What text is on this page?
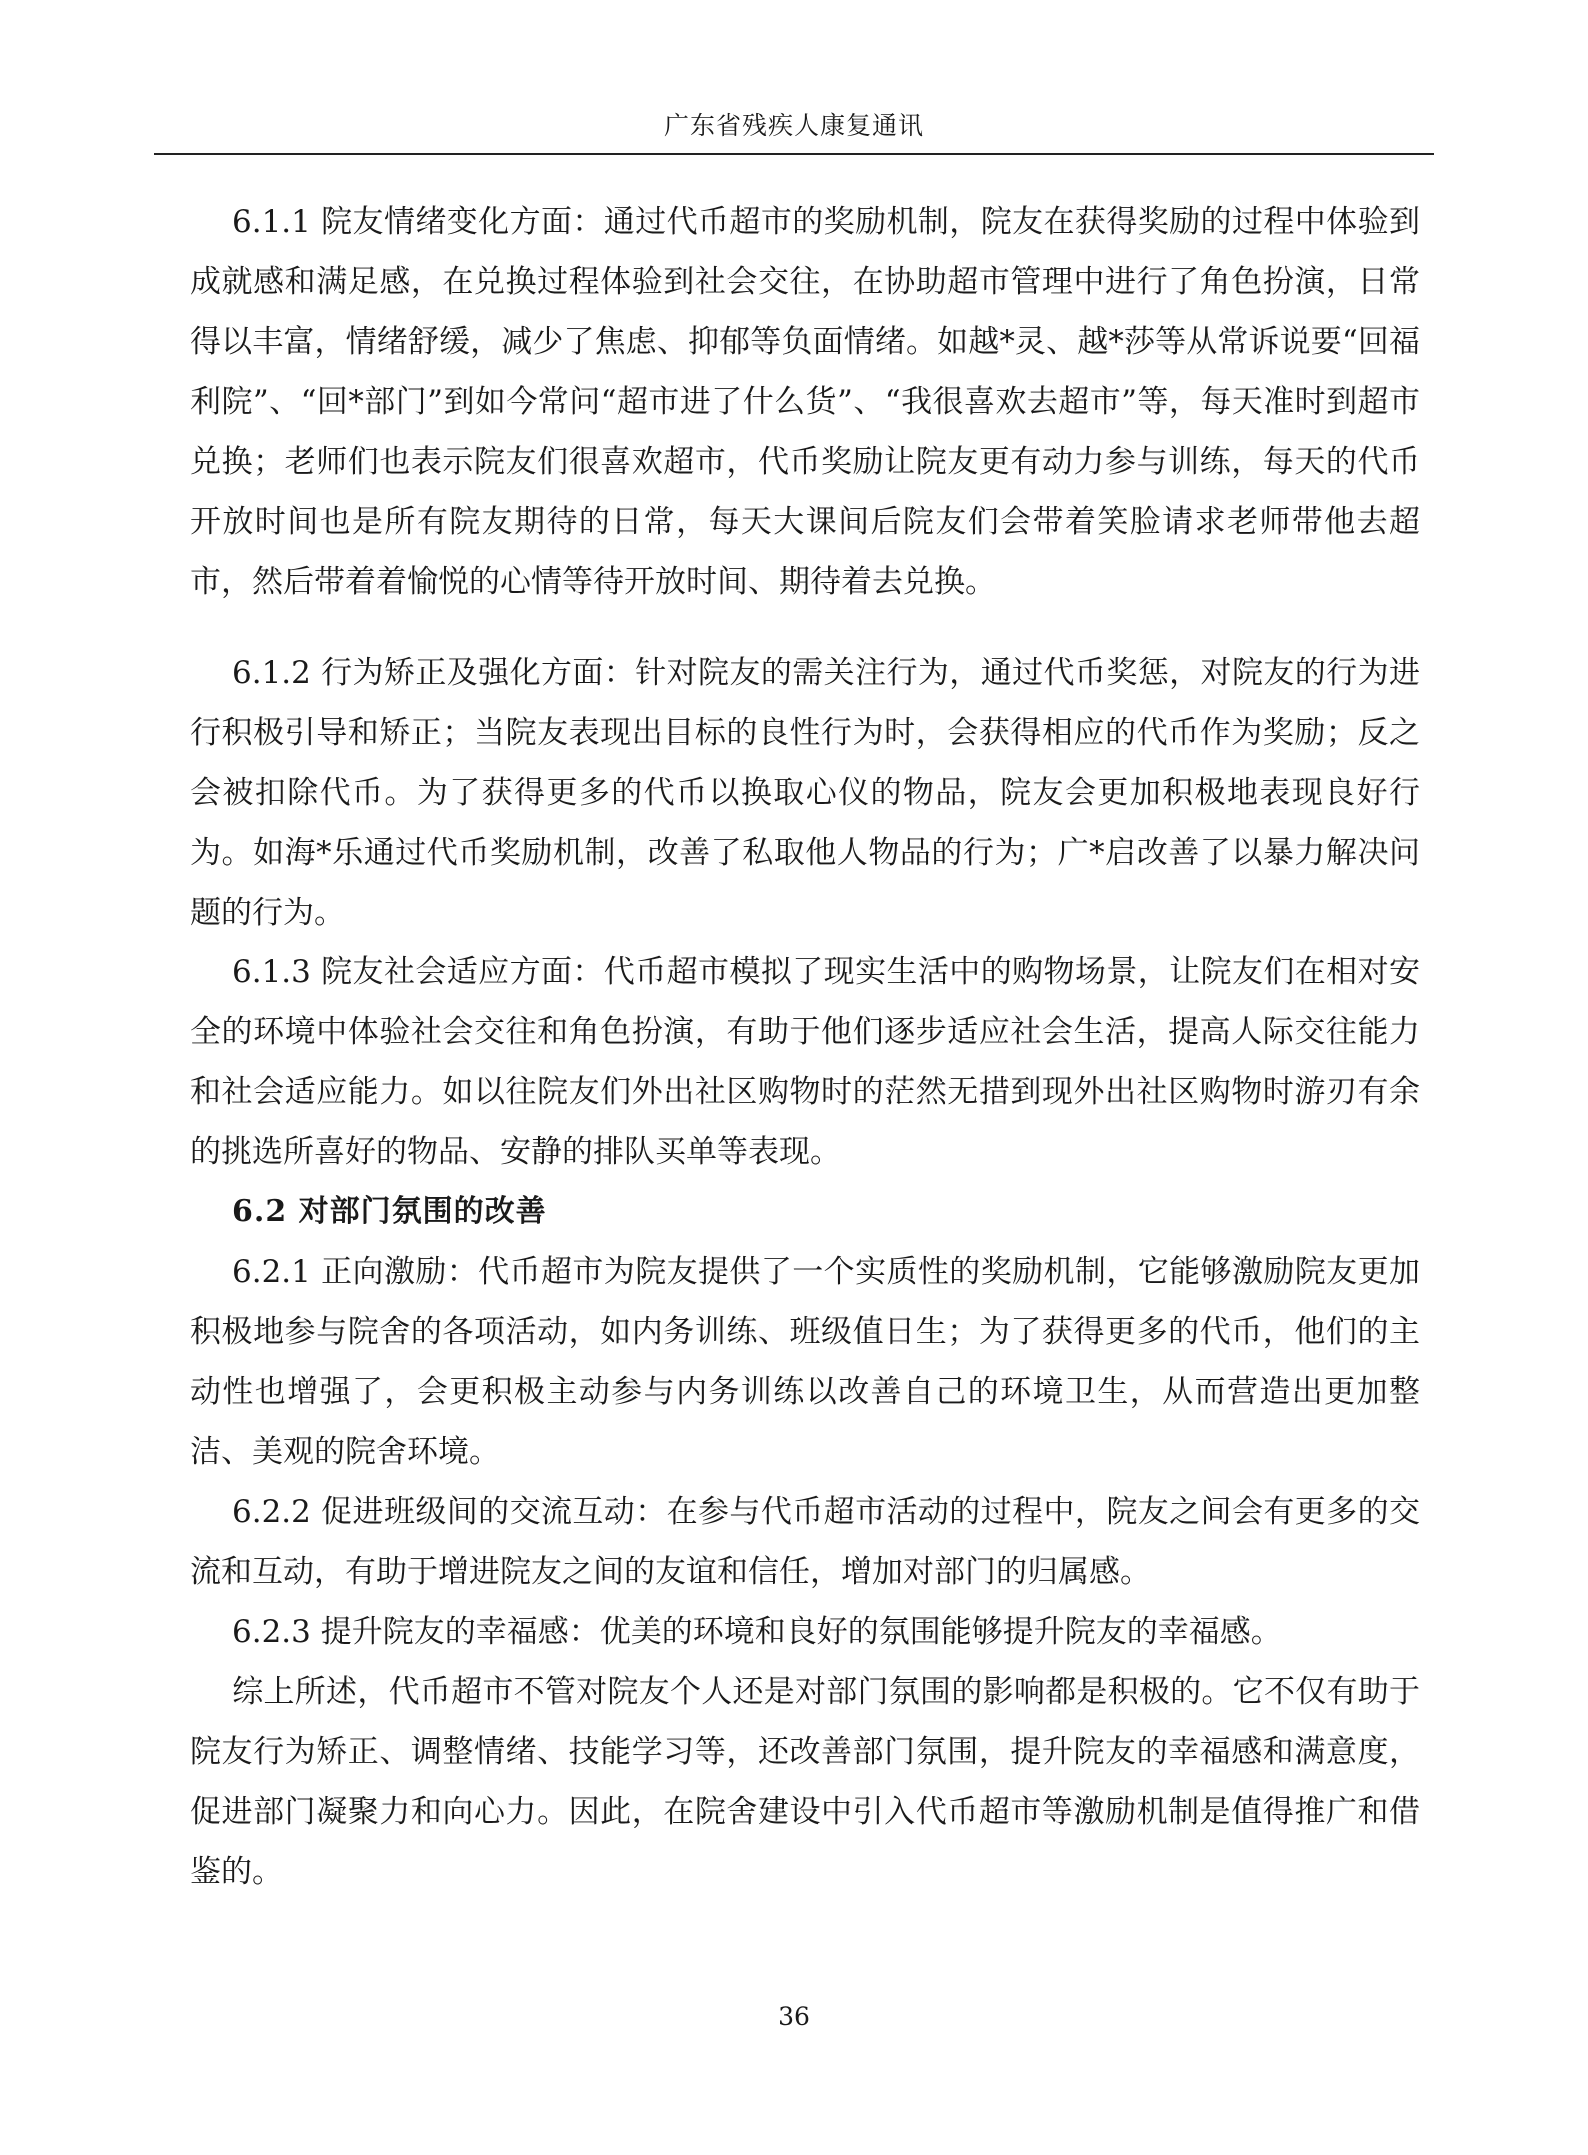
广东省残疾人康复通讯
6.1.1 院友情绪变化方面：通过代币超市的奖励机制，院友在获得奖励的过程中体验到成就感和满足感，在兑换过程体验到社会交往，在协助超市管理中进行了角色扮演，日常得以丰富，情绪舒缓，减少了焦虑、抑郁等负面情绪。如越*灵、越*莎等从常诉说要“回福利院”、“回*部门”到如今常问“超市进了什么货”、“我很喜欢去超市”等，每天准时到超市兑换；老师们也表示院友们很喜欢超市，代币奖励让院友更有动力参与训练，每天的代币开放时间也是所有院友期待的日常，每天大课间后院友们会带着笑脸请求老师带他去超市，然后带着着愉悦的心情等待开放时间、期待着去兑换。
6.1.2 行为矫正及强化方面：针对院友的需关注行为，通过代币奖惩，对院友的行为进行积极引导和矫正；当院友表现出目标的良性行为时，会获得相应的代币作为奖励；反之会被扣除代币。为了获得更多的代币以换取心仪的物品，院友会更加积极地表现良好行为。如海*乐通过代币奖励机制，改善了私取他人物品的行为；广*启改善了以暴力解决问题的行为。
6.1.3 院友社会适应方面：代币超市模拟了现实生活中的购物场景，让院友们在相对安全的环境中体验社会交往和角色扮演，有助于他们逐步适应社会生活，提高人际交往能力和社会适应能力。如以往院友们外出社区购物时的茫然无措到现外出社区购物时游刃有余的挑选所喜好的物品、安静的排队买单等表现。
6.2 对部门氛围的改善
6.2.1 正向激励：代币超市为院友提供了一个实质性的奖励机制，它能够激励院友更加积极地参与院舍的各项活动，如内务训练、班级值日生；为了获得更多的代币，他们的主动性也增强了，会更积极主动参与内务训练以改善自己的环境卫生，从而营造出更加整洁、美观的院舍环境。
6.2.2 促进班级间的交流互动：在参与代币超市活动的过程中，院友之间会有更多的交流和互动，有助于增进院友之间的友谊和信任，增加对部门的归属感。
6.2.3 提升院友的幸福感：优美的环境和良好的氛围能够提升院友的幸福感。
综上所述，代币超市不管对院友个人还是对部门氛围的影响都是积极的。它不仅有助于院友行为矫正、调整情绪、技能学习等，还改善部门氛围，提升院友的幸福感和满意度，促进部门凝聚力和向心力。因此，在院舍建设中引入代币超市等激励机制是值得推广和借鉴的。
36
